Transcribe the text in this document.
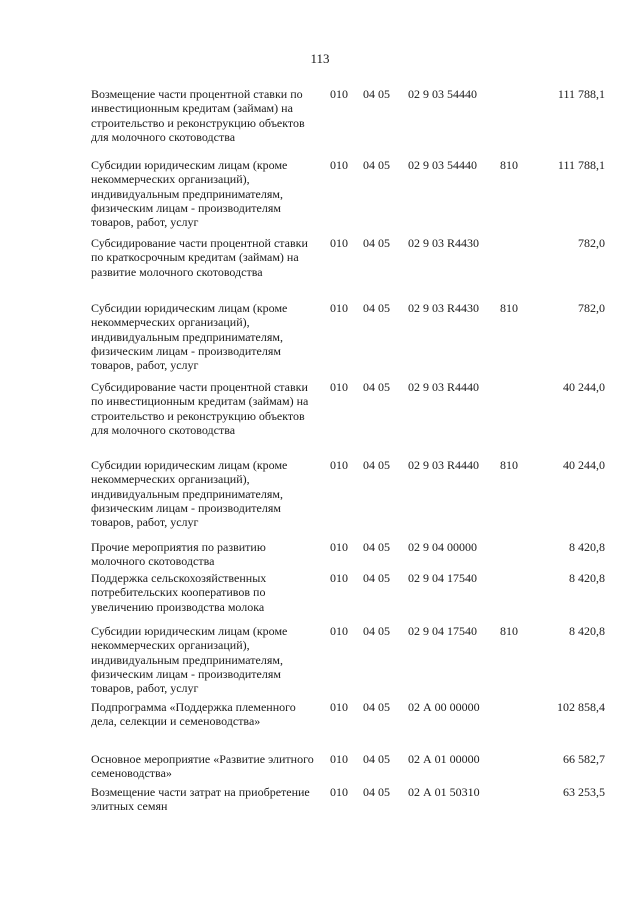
113
Возмещение части процентной ставки по инвестиционным кредитам (займам) на строительство и реконструкцию объектов для молочного скотоводства
010 04 05 02 9 03 54440	111 788,1
Субсидии юридическим лицам (кроме некоммерческих организаций), индивидуальным предпринимателям, физическим лицам - производителям товаров, работ, услуг
010 04 05 02 9 03 54440 810	111 788,1
Субсидирование части процентной ставки по краткосрочным кредитам (займам) на развитие молочного скотоводства
010 04 05 02 9 03 R4430	782,0
Субсидии юридическим лицам (кроме некоммерческих организаций), индивидуальным предпринимателям, физическим лицам - производителям товаров, работ, услуг
010 04 05 02 9 03 R4430 810	782,0
Субсидирование части процентной ставки по инвестиционным кредитам (займам) на строительство и реконструкцию объектов для молочного скотоводства
010 04 05 02 9 03 R4440	40 244,0
Субсидии юридическим лицам (кроме некоммерческих организаций), индивидуальным предпринимателям, физическим лицам - производителям товаров, работ, услуг
010 04 05 02 9 03 R4440 810	40 244,0
Прочие мероприятия по развитию молочного скотоводства
010 04 05 02 9 04 00000	8 420,8
Поддержка сельскохозяйственных потребительских кооперативов по увеличению производства молока
010 04 05 02 9 04 17540	8 420,8
Субсидии юридическим лицам (кроме некоммерческих организаций), индивидуальным предпринимателям, физическим лицам - производителям товаров, работ, услуг
010 04 05 02 9 04 17540 810	8 420,8
Подпрограмма «Поддержка племенного дела, селекции и семеноводства»
010 04 05 02 А 00 00000	102 858,4
Основное мероприятие «Развитие элитного семеноводства»
010 04 05 02 А 01 00000	66 582,7
Возмещение части затрат на приобретение элитных семян
010 04 05 02 А 01 50310	63 253,5
